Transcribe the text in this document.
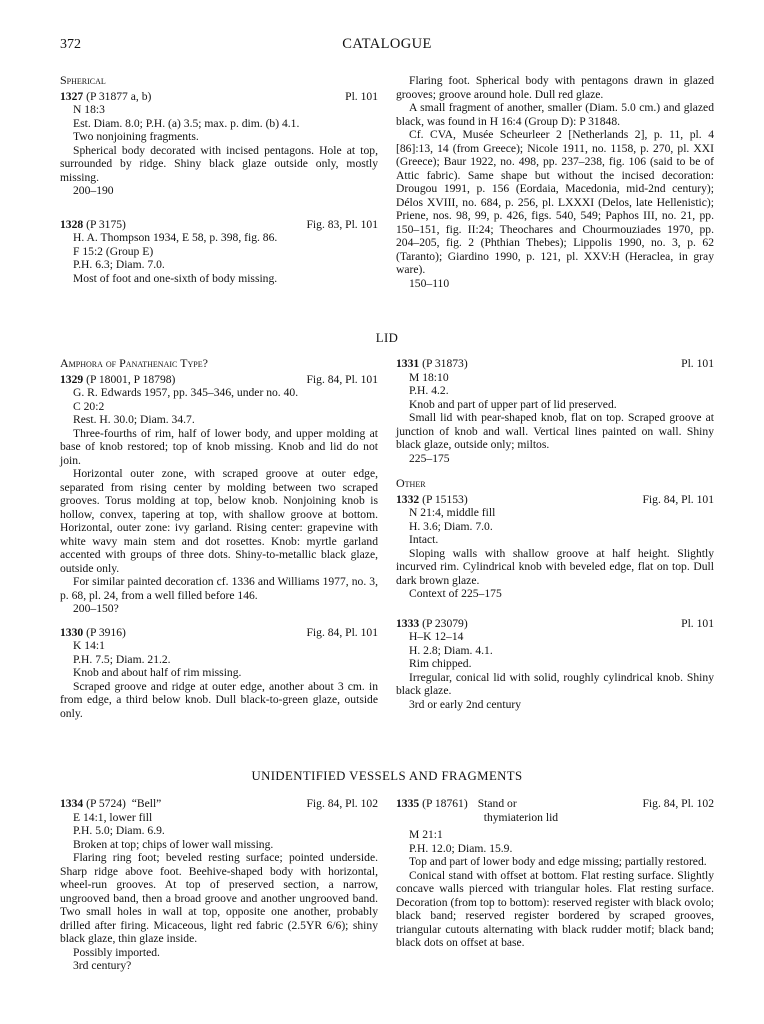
372	CATALOGUE
Spherical
1327 (P 31877 a, b)	Pl. 101
N 18:3
Est. Diam. 8.0; P.H. (a) 3.5; max. p. dim. (b) 4.1.
Two nonjoining fragments.

Spherical body decorated with incised pentagons. Hole at top, surrounded by ridge. Shiny black glaze outside only, mostly missing.

200–190
1328 (P 3175)	Fig. 83, Pl. 101
H. A. Thompson 1934, E 58, p. 398, fig. 86.
F 15:2 (Group E)
P.H. 6.3; Diam. 7.0.
Most of foot and one-sixth of body missing.

Flaring foot. Spherical body with pentagons drawn in glazed grooves; groove around hole. Dull red glaze.

A small fragment of another, smaller (Diam. 5.0 cm.) and glazed black, was found in H 16:4 (Group D): P 31848.

Cf. CVA, Musée Scheurleer 2 [Netherlands 2], p. 11, pl. 4 [86]:13, 14 (from Greece); Nicole 1911, no. 1158, p. 270, pl. XXI (Greece); Baur 1922, no. 498, pp. 237–238, fig. 106 (said to be of Attic fabric). Same shape but without the incised decoration: Drougou 1991, p. 156 (Eordaia, Macedonia, mid-2nd century); Délos XVIII, no. 684, p. 256, pl. LXXXI (Delos, late Hellenistic); Priene, nos. 98, 99, p. 426, figs. 540, 549; Paphos III, no. 21, pp. 150–151, fig. II:24; Theochares and Chourmouziades 1970, pp. 204–205, fig. 2 (Phthian Thebes); Lippolis 1990, no. 3, p. 62 (Taranto); Giardino 1990, p. 121, pl. XXV:H (Heraclea, in gray ware).

150–110
LID
Amphora of Panathenaic Type?
1329 (P 18001, P 18798)	Fig. 84, Pl. 101
G. R. Edwards 1957, pp. 345–346, under no. 40.
C 20:2
Rest. H. 30.0; Diam. 34.7.

Three-fourths of rim, half of lower body, and upper molding at base of knob restored; top of knob missing. Knob and lid do not join.

Horizontal outer zone, with scraped groove at outer edge, separated from rising center by molding between two scraped grooves. Torus molding at top, below knob. Nonjoining knob is hollow, convex, tapering at top, with shallow groove at bottom. Horizontal, outer zone: ivy garland. Rising center: grapevine with white wavy main stem and dot rosettes. Knob: myrtle garland accented with groups of three dots. Shiny-to-metallic black glaze, outside only.

For similar painted decoration cf. 1336 and Williams 1977, no. 3, p. 68, pl. 24, from a well filled before 146.

200–150?
1330 (P 3916)	Fig. 84, Pl. 101
K 14:1
P.H. 7.5; Diam. 21.2.
Knob and about half of rim missing.

Scraped groove and ridge at outer edge, another about 3 cm. in from edge, a third below knob. Dull black-to-green glaze, outside only.

1331 (P 31873)	Pl. 101
M 18:10
P.H. 4.2.
Knob and part of upper part of lid preserved.

Small lid with pear-shaped knob, flat on top. Scraped groove at junction of knob and wall. Vertical lines painted on wall. Shiny black glaze, outside only; miltos.

225–175
Other
1332 (P 15153)	Fig. 84, Pl. 101
N 21:4, middle fill
H. 3.6; Diam. 7.0.
Intact.

Sloping walls with shallow groove at half height. Slightly incurved rim. Cylindrical knob with beveled edge, flat on top. Dull dark brown glaze.

Context of 225–175
1333 (P 23079)	Pl. 101
H–K 12–14
H. 2.8; Diam. 4.1.
Rim chipped.

Irregular, conical lid with solid, roughly cylindrical knob. Shiny black glaze.

3rd or early 2nd century
UNIDENTIFIED VESSELS AND FRAGMENTS
1334 (P 5724) “Bell”	Fig. 84, Pl. 102
E 14:1, lower fill
P.H. 5.0; Diam. 6.9.
Broken at top; chips of lower wall missing.

Flaring ring foot; beveled resting surface; pointed underside. Sharp ridge above foot. Beehive-shaped body with horizontal, wheel-run grooves. At top of preserved section, a narrow, ungrooved band, then a broad groove and another ungrooved band. Two small holes in wall at top, opposite one another, probably drilled after firing. Micaceous, light red fabric (2.5YR 6/6); shiny black glaze, thin glaze inside.

Possibly imported.
3rd century?
1335 (P 18761) Stand or
thymiaterion lid
Fig. 84, Pl. 102
M 21:1
P.H. 12.0; Diam. 15.9.

Top and part of lower body and edge missing; partially restored.

Conical stand with offset at bottom. Flat resting surface. Slightly concave walls pierced with triangular holes. Flat resting surface. Decoration (from top to bottom): reserved register with black ovolo; black band; reserved register bordered by scraped grooves, triangular cutouts alternating with black rudder motif; black band; black dots on offset at base.
